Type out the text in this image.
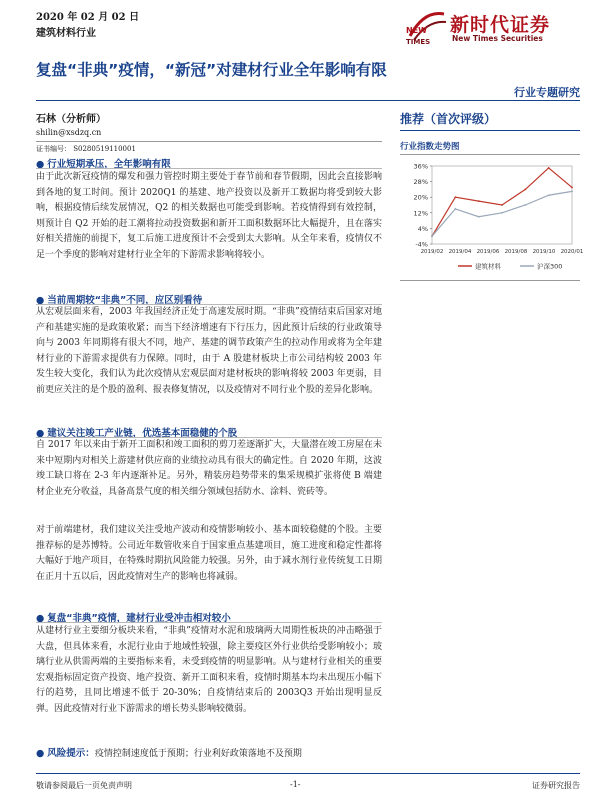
2020 年 02 月 02 日
建筑材料行业	NEW
TIMES
新时代证券
New Times Securities
复盘“非典”疫情，“新冠”对建材行业全年影响有限
行业专题研究
石林（分析师）
shilin@xsdzq.cn
证书编号： S0280519110001
推荐（首次评级）
行业指数走势图
36%
28%
20%
12%
4%
-4%
2019/02 2019/04 2019/06 2019/08 2019/10 2020/01
建筑材料	沪深300
● 行业短期承压，全年影响有限
由于此次新冠疫情的爆发和强力管控时期主要处于春节前和春节假期，因此会直接影响到各地的复工时间。预计 2020Q1 的基建、地产投资以及新开工数据均将受到较大影响，根据疫情后续发展情况，Q2 的相关数据也可能受到影响。若疫情得到有效控制，则预计自 Q2 开始的赶工潮将拉动投资数据和新开工面积数据环比大幅提升，且在落实好相关措施的前提下，复工后施工进度预计不会受到太大影响。从全年来看，疫情仅不足一个季度的影响对建材行业全年的下游需求影响将较小。
● 当前周期较“非典”不同，应区别看待
从宏观层面来看，2003 年我国经济正处于高速发展时期。“非典”疫情结束后国家对地产和基建实施的是政策收紧；而当下经济增速有下行压力，因此预计后续的行业政策导向与 2003 年同期将有很大不同，地产、基建的调节政策产生的拉动作用或将为全年建材行业的下游需求提供有力保障。同时，由于 A 股建材板块上市公司结构较 2003 年发生较大变化，我们认为此次疫情从宏观层面对建材板块的影响将较 2003 年更弱，目前更应关注的是个股的盈利、报表修复情况，以及疫情对不同行业个股的差异化影响。
● 建议关注竣工产业链，优选基本面稳健的个股
自 2017 年以来由于新开工面积和竣工面积的剪刀差逐渐扩大，大量潜在竣工房屋在未来中短期内对相关上游建材供应商的业绩拉动具有很大的确定性。自 2020 年期，这波竣工缺口将在 2-3 年内逐渐补足。另外，精装房趋势带来的集采规模扩张将使 B 端建材企业充分收益，具备高景气度的相关细分领域包括防水、涂料、瓷砖等。
对于前端建材，我们建议关注受地产波动和疫情影响较小、基本面较稳健的个股。主要推荐标的是苏博特。公司近年数管收来自于国家重点基建项目，施工进度和稳定性都将大幅好于地产项目，在特殊时期抗风险能力较强。另外，由于减水剂行业传统复工日期在正月十五以后，因此疫情对生产的影响也将减弱。
● 复盘“非典”疫情，建材行业受冲击相对较小
从建材行业主要细分板块来看，“非典”疫情对水泥和玻璃两大周期性板块的冲击略强于大盘，但具体来看，水泥行业由于地域性较强，除主要疫区外行业供给受影响较小；玻璃行业从供需两端的主要指标来看，未受到疫情的明显影响。从与建材行业相关的重要宏观指标固定资产投资、地产投资、新开工面积来看，疫情时期基本均未出现压小幅下行的趋势，且同比增速不低于 20-30%；自疫情结束后的 2003Q3 开始出现明显反弹。因此疫情对行业下游需求的增长势头影响较微弱。
● 风险提示：疫情控制速度低于预期；行业利好政策落地不及预期
敬请参阅最后一页免责声明	-1-	证券研究报告
